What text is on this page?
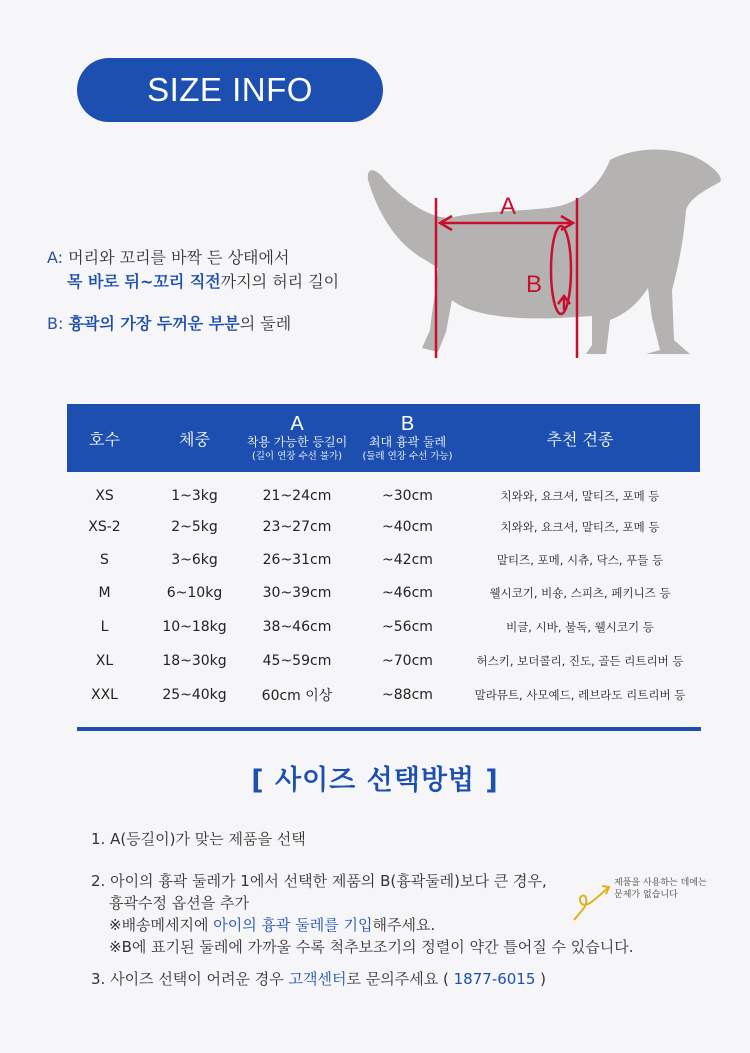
SIZE INFO
A: 머리와 꼬리를 바짝 든 상태에서
목 바로 뒤~꼬리 직전까지의 허리 길이
B: 흉곽의 가장 두꺼운 부분의 둘레
A
B
호수	체중
A
착용 가능한 등길이
(길이 연장 수선 불가)
B
최대 흉곽 둘레
(둘레 연장 수선 가능)
추천 견종
XS	1~3kg	21~24cm	~30cm	치와와, 요크셔, 말티즈, 포메 등
XS-2	2~5kg	23~27cm	~40cm	치와와, 요크셔, 말티즈, 포메 등
S	3~6kg	26~31cm	~42cm	말티즈, 포메, 시츄, 닥스, 푸들 등
M	6~10kg	30~39cm	~46cm	웰시코기, 비숑, 스피츠, 페키니즈 등
L	10~18kg	38~46cm	~56cm	비글, 시바, 불독, 웰시코기 등
XL	18~30kg	45~59cm	~70cm	허스키, 보더콜리, 진도, 골든 리트리버 등
XXL	25~40kg	60cm 이상	~88cm	말라뮤트, 사모예드, 레브라도 리트리버 등
[ 사이즈 선택방법 ]
1. A(등길이)가 맞는 제품을 선택
2. 아이의 흉곽 둘레가 1에서 선택한 제품의 B(흉곽둘레)보다 큰 경우,
흉곽수정 옵션을 추가
※배송메세지에 아이의 흉곽 둘레를 기입해주세요.
※B에 표기된 둘레에 가까울 수록 척추보조기의 정렬이 약간 틀어질 수 있습니다.
3. 사이즈 선택이 어려운 경우 고객센터로 문의주세요 ( 1877-6015 )
제품을 사용하는 데에는
문제가 없습니다
